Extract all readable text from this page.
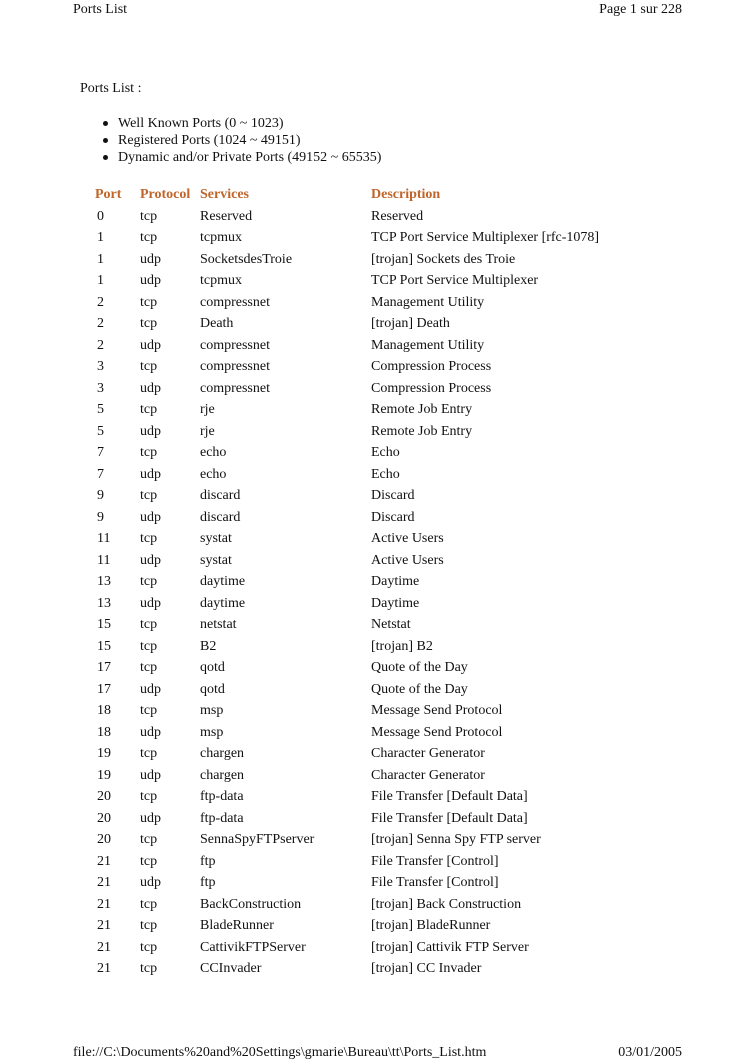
Ports List	Page 1 sur 228
Ports List :
Well Known Ports (0 ~ 1023)
Registered Ports (1024 ~ 49151)
Dynamic and/or Private Ports (49152 ~ 65535)
Port	Protocol	Services	Description
0	tcp	Reserved	Reserved
1	tcp	tcpmux	TCP Port Service Multiplexer [rfc-1078]
1	udp	SocketsdesTroie	[trojan] Sockets des Troie
1	udp	tcpmux	TCP Port Service Multiplexer
2	tcp	compressnet	Management Utility
2	tcp	Death	[trojan] Death
2	udp	compressnet	Management Utility
3	tcp	compressnet	Compression Process
3	udp	compressnet	Compression Process
5	tcp	rje	Remote Job Entry
5	udp	rje	Remote Job Entry
7	tcp	echo	Echo
7	udp	echo	Echo
9	tcp	discard	Discard
9	udp	discard	Discard
11	tcp	systat	Active Users
11	udp	systat	Active Users
13	tcp	daytime	Daytime
13	udp	daytime	Daytime
15	tcp	netstat	Netstat
15	tcp	B2	[trojan] B2
17	tcp	qotd	Quote of the Day
17	udp	qotd	Quote of the Day
18	tcp	msp	Message Send Protocol
18	udp	msp	Message Send Protocol
19	tcp	chargen	Character Generator
19	udp	chargen	Character Generator
20	tcp	ftp-data	File Transfer [Default Data]
20	udp	ftp-data	File Transfer [Default Data]
20	tcp	SennaSpyFTPserver	[trojan] Senna Spy FTP server
21	tcp	ftp	File Transfer [Control]
21	udp	ftp	File Transfer [Control]
21	tcp	BackConstruction	[trojan] Back Construction
21	tcp	BladeRunner	[trojan] BladeRunner
21	tcp	CattivikFTPServer	[trojan] Cattivik FTP Server
21	tcp	CCInvader	[trojan] CC Invader
file://C:\Documents%20and%20Settings\gmarie\Bureau\tt\Ports_List.htm	03/01/2005
